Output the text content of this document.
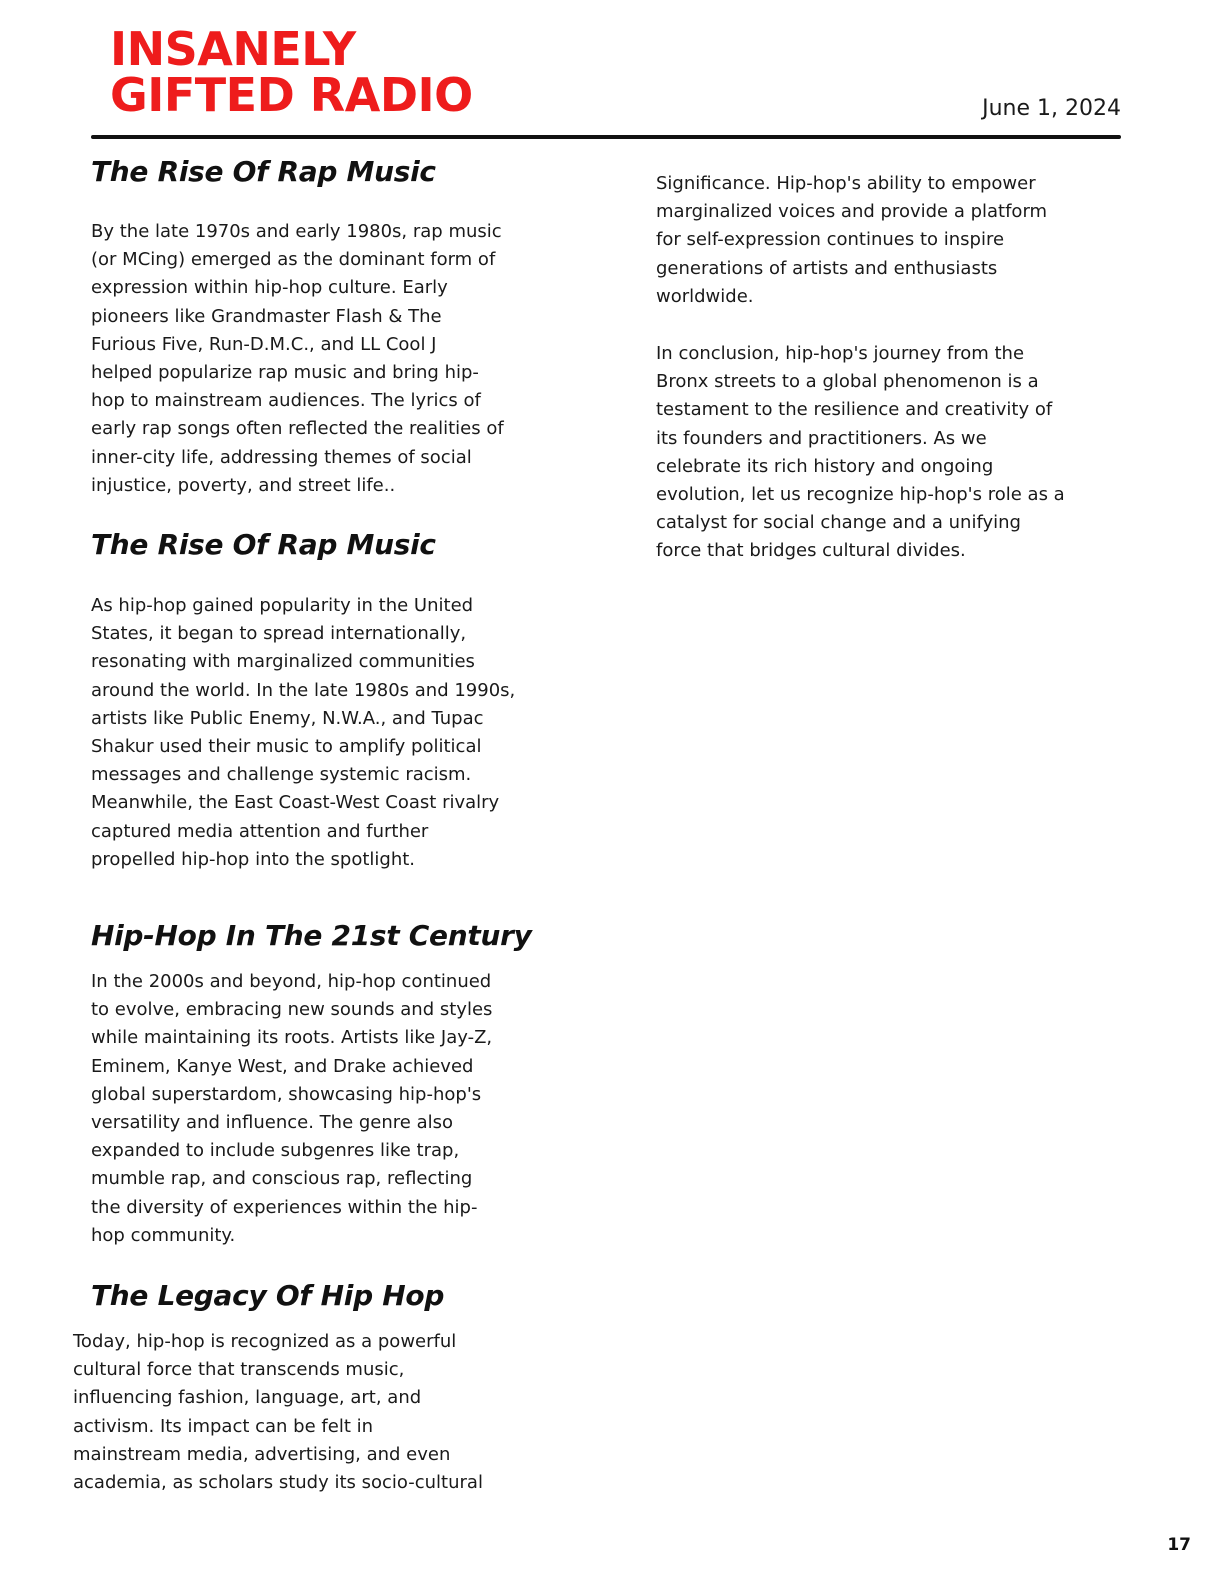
INSANELY
GIFTED RADIO	June 1, 2024
The Rise Of Rap Music
By the late 1970s and early 1980s, rap music
(or MCing) emerged as the dominant form of
expression within hip-hop culture. Early
pioneers like Grandmaster Flash & The
Furious Five, Run-D.M.C., and LL Cool J
helped popularize rap music and bring hip-
hop to mainstream audiences. The lyrics of
early rap songs often reflected the realities of
inner-city life, addressing themes of social
injustice, poverty, and street life..
The Rise Of Rap Music
As hip-hop gained popularity in the United
States, it began to spread internationally,
resonating with marginalized communities
around the world. In the late 1980s and 1990s,
artists like Public Enemy, N.W.A., and Tupac
Shakur used their music to amplify political
messages and challenge systemic racism.
Meanwhile, the East Coast-West Coast rivalry
captured media attention and further
propelled hip-hop into the spotlight.
Hip-Hop In The 21st Century
In the 2000s and beyond, hip-hop continued
to evolve, embracing new sounds and styles
while maintaining its roots. Artists like Jay-Z,
Eminem, Kanye West, and Drake achieved
global superstardom, showcasing hip-hop's
versatility and influence. The genre also
expanded to include subgenres like trap,
mumble rap, and conscious rap, reflecting
the diversity of experiences within the hip-
hop community.
The Legacy Of Hip Hop
Today, hip-hop is recognized as a powerful
cultural force that transcends music,
influencing fashion, language, art, and
activism. Its impact can be felt in
mainstream media, advertising, and even
academia, as scholars study its socio-cultural
Significance. Hip-hop's ability to empower
marginalized voices and provide a platform
for self-expression continues to inspire
generations of artists and enthusiasts
worldwide.
In conclusion, hip-hop's journey from the
Bronx streets to a global phenomenon is a
testament to the resilience and creativity of
its founders and practitioners. As we
celebrate its rich history and ongoing
evolution, let us recognize hip-hop's role as a
catalyst for social change and a unifying
force that bridges cultural divides.
17
